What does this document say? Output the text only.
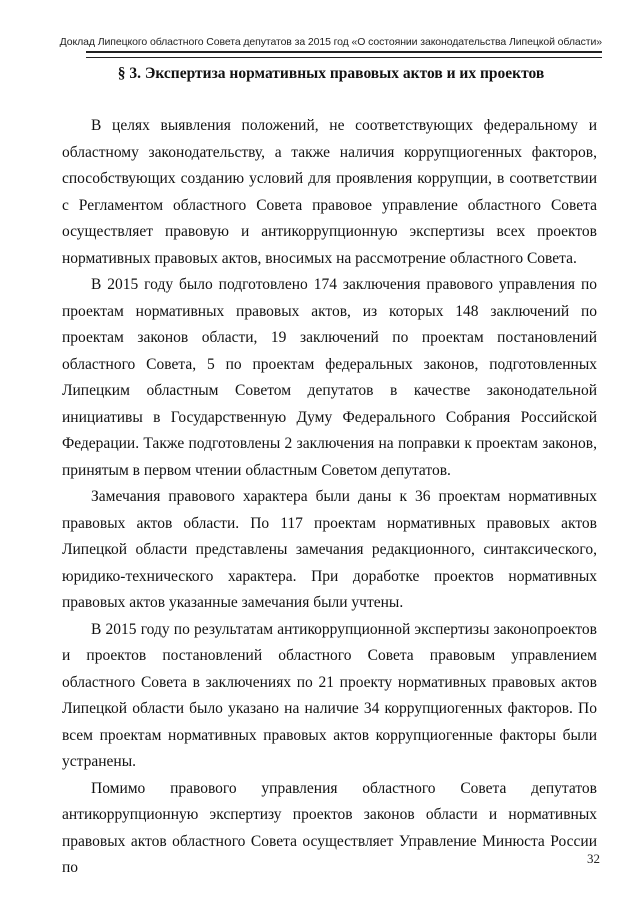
Доклад Липецкого областного Совета депутатов за 2015 год «О состоянии законодательства Липецкой области»
§ 3. Экспертиза нормативных правовых актов и их проектов

В целях выявления положений, не соответствующих федеральному и областному законодательству, а также наличия коррупциогенных факторов, способствующих созданию условий для проявления коррупции, в соответствии с Регламентом областного Совета правовое управление областного Совета осуществляет правовую и антикоррупционную экспертизы всех проектов нормативных правовых актов, вносимых на рассмотрение областного Совета.

В 2015 году было подготовлено 174 заключения правового управления по проектам нормативных правовых актов, из которых 148 заключений по проектам законов области, 19 заключений по проектам постановлений областного Совета, 5 по проектам федеральных законов, подготовленных Липецким областным Советом депутатов в качестве законодательной инициативы в Государственную Думу Федерального Собрания Российской Федерации. Также подготовлены 2 заключения на поправки к проектам законов, принятым в первом чтении областным Советом депутатов.

Замечания правового характера были даны к 36 проектам нормативных правовых актов области. По 117 проектам нормативных правовых актов Липецкой области представлены замечания редакционного, синтаксического, юридико-технического характера. При доработке проектов нормативных правовых актов указанные замечания были учтены.

В 2015 году по результатам антикоррупционной экспертизы законопроектов и проектов постановлений областного Совета правовым управлением областного Совета в заключениях по 21 проекту нормативных правовых актов Липецкой области было указано на наличие 34 коррупциогенных факторов. По всем проектам нормативных правовых актов коррупциогенные факторы были устранены.

Помимо правового управления областного Совета депутатов антикоррупционную экспертизу проектов законов области и нормативных правовых актов областного Совета осуществляет Управление Минюста России по

32
